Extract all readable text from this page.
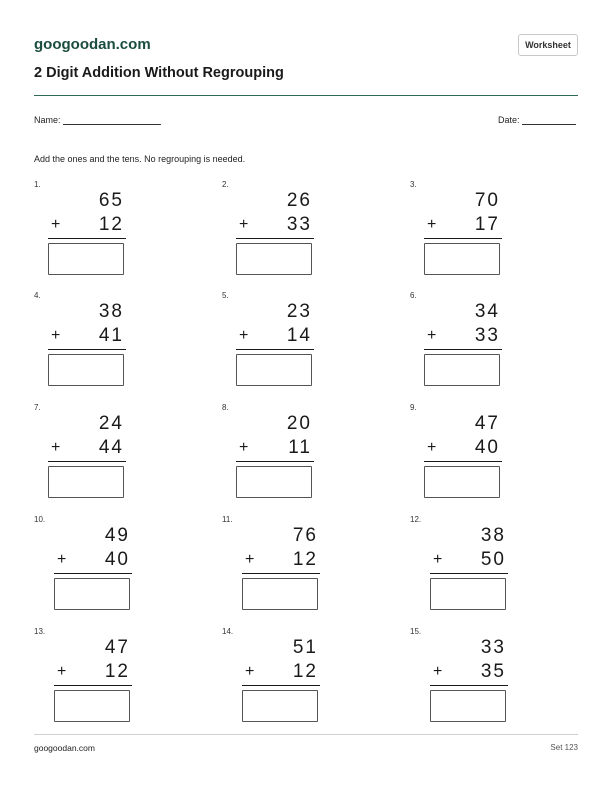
googoodan.com	Worksheet
2 Digit Addition Without Regrouping
Name:	Date:
Add the ones and the tens. No regrouping is needed.
1.
65
+	12
2.
26
+	33
3.
70
+	17
4.
38
+	41
5.
23
+	14
6.
34
+	33
7.
24
+	44
8.
20
+	11
9.
47
+	40
10.
49
+	40
11.
76
+	12
12.
38
+	50
13.
47
+	12
14.
51
+	12
15.
33
+	35
googoodan.com	Set 123
